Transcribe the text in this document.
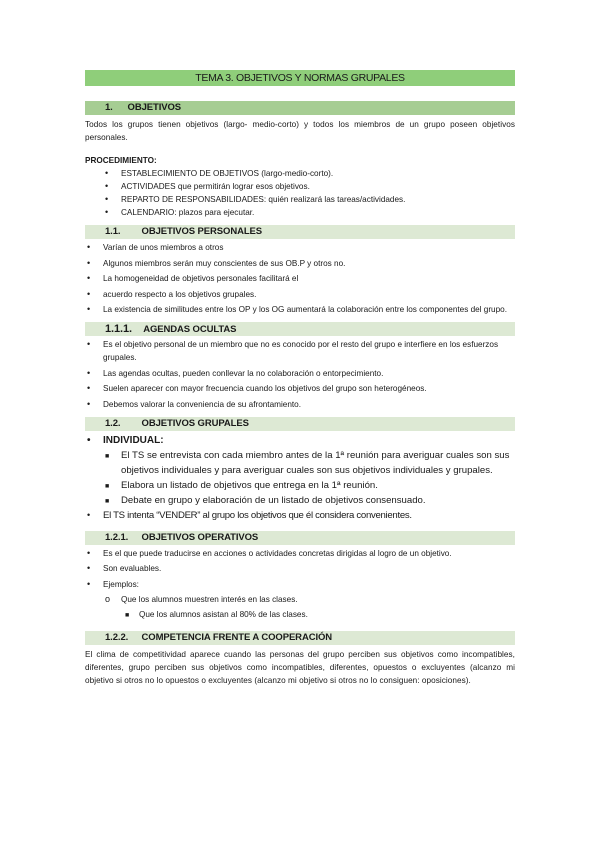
TEMA 3. OBJETIVOS Y NORMAS GRUPALES
1. OBJETIVOS

Todos los grupos tienen objetivos (largo- medio-corto) y todos los miembros de un grupo poseen objetivos personales.

PROCEDIMIENTO:
• ESTABLECIMIENTO DE OBJETIVOS (largo-medio-corto).
• ACTIVIDADES que permitirán lograr esos objetivos.
• REPARTO DE RESPONSABILIDADES: quién realizará las tareas/actividades.
• CALENDARIO: plazos para ejecutar.
1.1. OBJETIVOS PERSONALES
• Varían de unos miembros a otros
• Algunos miembros serán muy conscientes de sus OB.P y otros no.
• La homogeneidad de objetivos personales facilitará el
• acuerdo respecto a los objetivos grupales.
• La existencia de similitudes entre los OP y los OG aumentará la colaboración entre los componentes del grupo.
1.1.1. AGENDAS OCULTAS
• Es el objetivo personal de un miembro que no es conocido por el resto del grupo e interfiere en los esfuerzos grupales.
• Las agendas ocultas, pueden conllevar la no colaboración o entorpecimiento.
• Suelen aparecer con mayor frecuencia cuando los objetivos del grupo son heterogéneos.
• Debemos valorar la conveniencia de su afrontamiento.
1.2. OBJETIVOS GRUPALES
• INDIVIDUAL:
■ El TS se entrevista con cada miembro antes de la 1ª reunión para averiguar cuales son sus objetivos individuales y para averiguar cuales son sus objetivos individuales y grupales.
■ Elabora un listado de objetivos que entrega en la 1ª reunión.
■ Debate en grupo y elaboración de un listado de objetivos consensuado.
• El TS intenta “VENDER” al grupo los objetivos que él considera convenientes.
1.2.1. OBJETIVOS OPERATIVOS
• Es el que puede traducirse en acciones o actividades concretas dirigidas al logro de un objetivo.
• Son evaluables.
• Ejemplos:
o Que los alumnos muestren interés en las clases.
■ Que los alumnos asistan al 80% de las clases.
1.2.2. COMPETENCIA FRENTE A COOPERACIÓN

El clima de competitividad aparece cuando las personas del grupo perciben sus objetivos como incompatibles, diferentes, grupo perciben sus objetivos como incompatibles, diferentes, opuestos o excluyentes (alcanzo mi objetivo si otros no lo opuestos o excluyentes (alcanzo mi objetivo si otros no lo consiguen: oposiciones).
